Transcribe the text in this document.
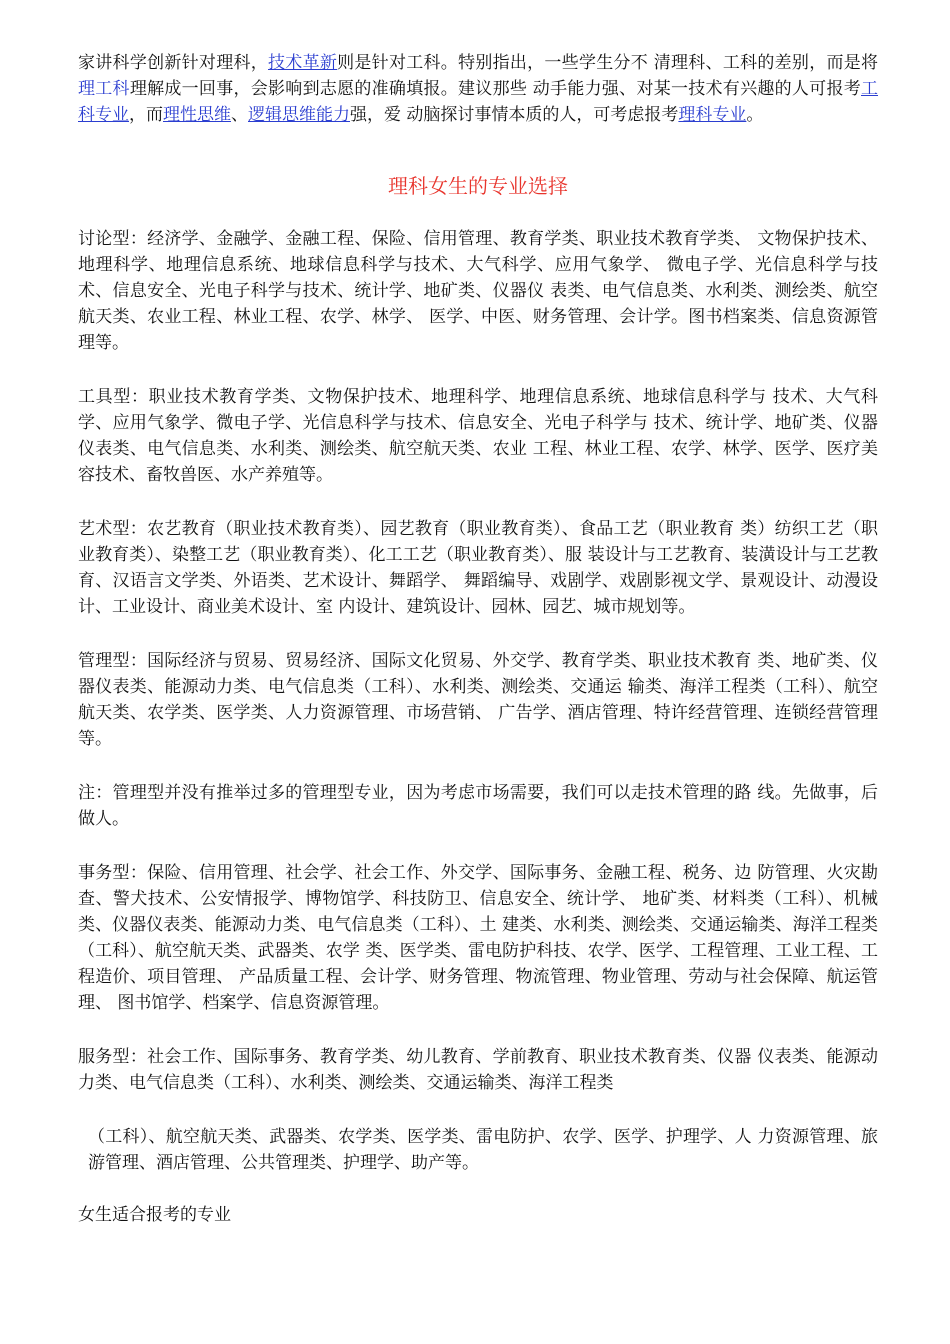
家讲科学创新针对理科，技术革新则是针对工科。特别指出，一些学生分不 清理科、工科的差别，而是将理工科理解成一回事，会影响到志愿的准确填报。建议那些 动手能力强、对某一技术有兴趣的人可报考工科专业，而理性思维、逻辑思维能力强，爱 动脑探讨事情本质的人，可考虑报考理科专业。

理科女生的专业选择

讨论型：经济学、金融学、金融工程、保险、信用管理、教育学类、职业技术教育学类、 文物保护技术、地理科学、地理信息系统、地球信息科学与技术、大气科学、应用气象学、 微电子学、光信息科学与技术、信息安全、光电子科学与技术、统计学、地矿类、仪器仪 表类、电气信息类、水利类、测绘类、航空航天类、农业工程、林业工程、农学、林学、 医学、中医、财务管理、会计学。图书档案类、信息资源管理等。

工具型：职业技术教育学类、文物保护技术、地理科学、地理信息系统、地球信息科学与 技术、大气科学、应用气象学、微电子学、光信息科学与技术、信息安全、光电子科学与 技术、统计学、地矿类、仪器仪表类、电气信息类、水利类、测绘类、航空航天类、农业 工程、林业工程、农学、林学、医学、医疗美容技术、畜牧兽医、水产养殖等。

艺术型：农艺教育（职业技术教育类）、园艺教育（职业教育类）、食品工艺（职业教育 类）纺织工艺（职业教育类）、染整工艺（职业教育类）、化工工艺（职业教育类）、服 装设计与工艺教育、装潢设计与工艺教育、汉语言文学类、外语类、艺术设计、舞蹈学、 舞蹈编导、戏剧学、戏剧影视文学、景观设计、动漫设计、工业设计、商业美术设计、室 内设计、建筑设计、园林、园艺、城市规划等。

管理型：国际经济与贸易、贸易经济、国际文化贸易、外交学、教育学类、职业技术教育 类、地矿类、仪器仪表类、能源动力类、电气信息类（工科）、水利类、测绘类、交通运 输类、海洋工程类（工科）、航空航天类、农学类、医学类、人力资源管理、市场营销、 广告学、酒店管理、特许经营管理、连锁经营管理等。

注：管理型并没有推举过多的管理型专业，因为考虑市场需要，我们可以走技术管理的路 线。先做事，后做人。

事务型：保险、信用管理、社会学、社会工作、外交学、国际事务、金融工程、税务、边 防管理、火灾勘查、警犬技术、公安情报学、博物馆学、科技防卫、信息安全、统计学、 地矿类、材料类（工科）、机械类、仪器仪表类、能源动力类、电气信息类（工科）、土 建类、水利类、测绘类、交通运输类、海洋工程类（工科）、航空航天类、武器类、农学 类、医学类、雷电防护科技、农学、医学、工程管理、工业工程、工程造价、项目管理、 产品质量工程、会计学、财务管理、物流管理、物业管理、劳动与社会保障、航运管理、 图书馆学、档案学、信息资源管理。

服务型：社会工作、国际事务、教育学类、幼儿教育、学前教育、职业技术教育类、仪器 仪表类、能源动力类、电气信息类（工科）、水利类、测绘类、交通运输类、海洋工程类

（工科）、航空航天类、武器类、农学类、医学类、雷电防护、农学、医学、护理学、人 力资源管理、旅游管理、酒店管理、公共管理类、护理学、助产等。

女生适合报考的专业
